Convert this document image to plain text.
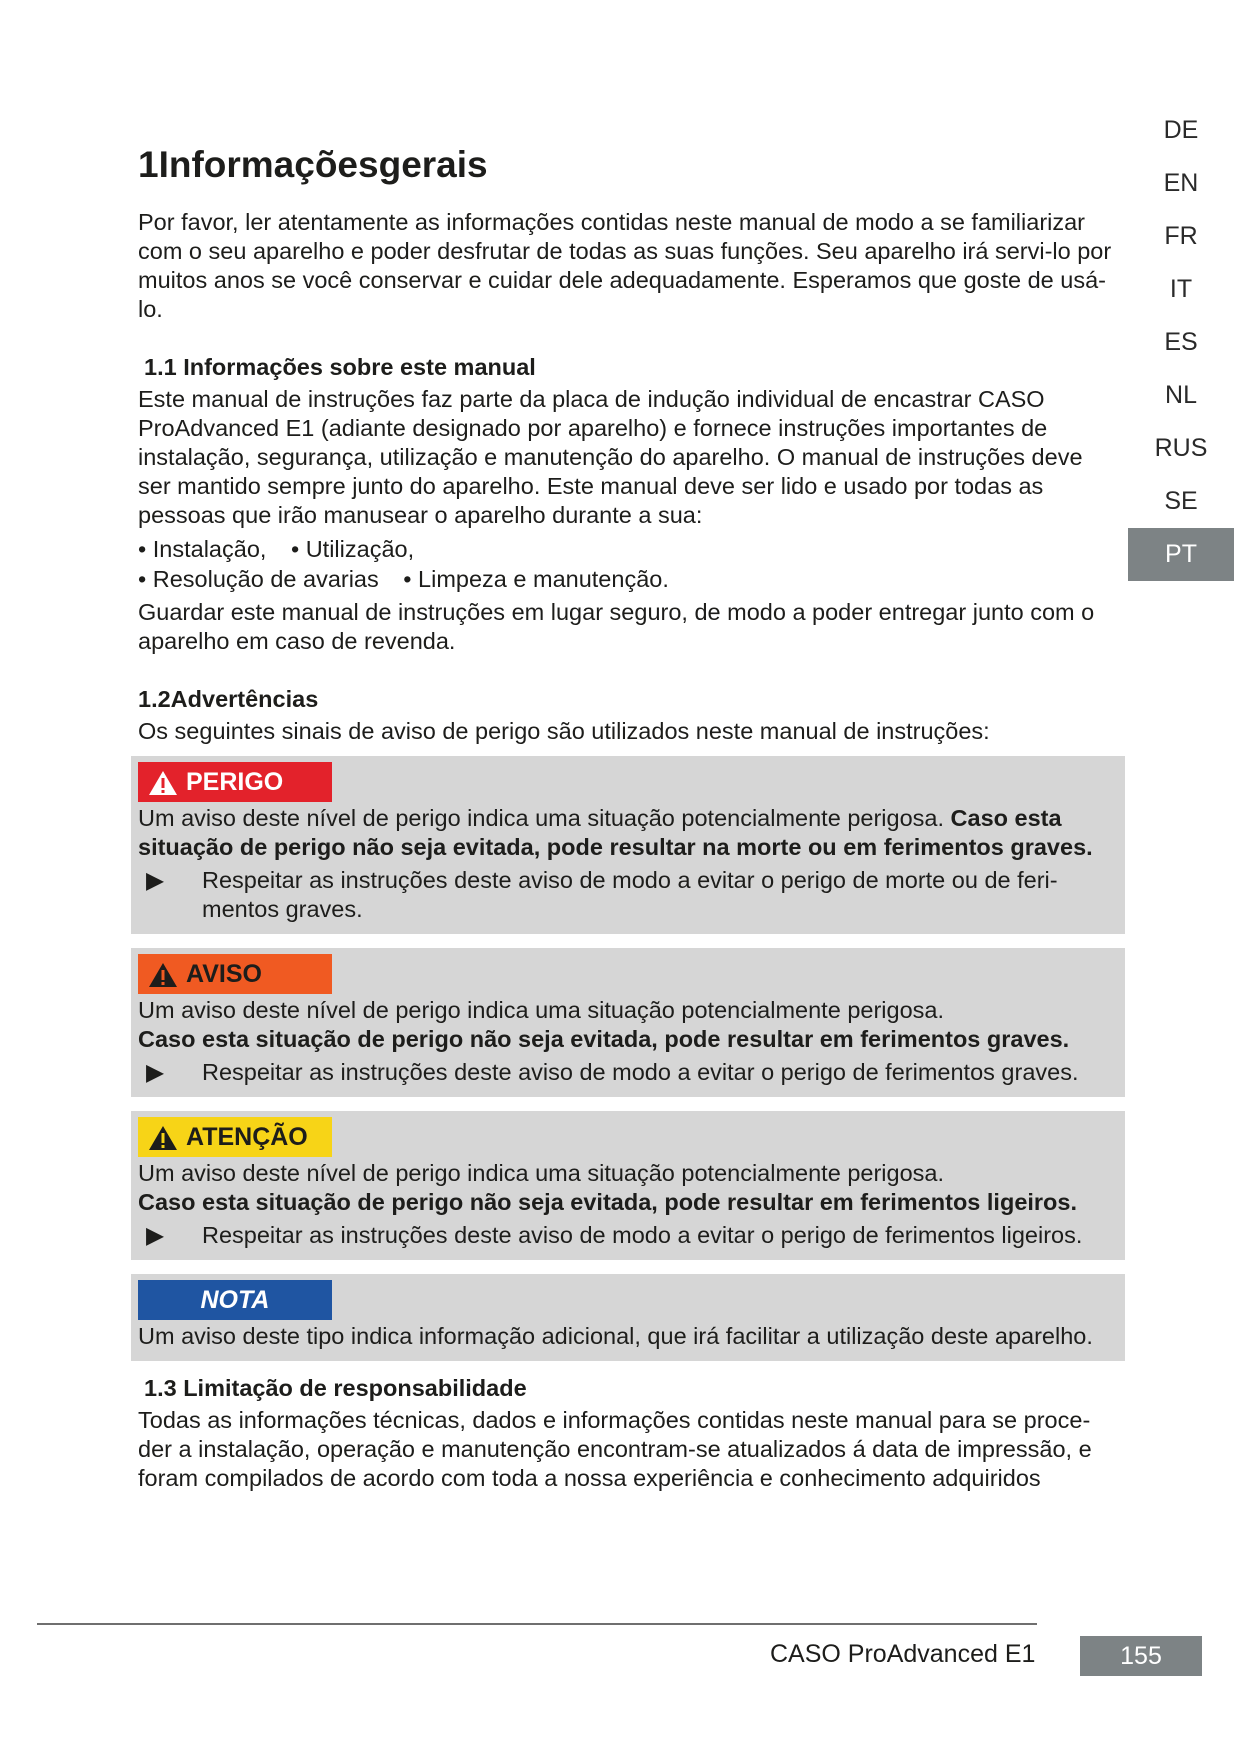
DE
EN
FR
IT
ES
NL
RUS
SE
PT
1Informaçõesgerais

Por favor, ler atentamente as informações contidas neste manual de modo a se familiarizar com o seu aparelho e poder desfrutar de todas as suas funções. Seu aparelho irá servi-lo por muitos anos se você conservar e cuidar dele adequadamente. Esperamos que goste de usá-lo.

1.1 Informações sobre este manual

Este manual de instruções faz parte da placa de indução individual de encastrar CASO ProAdvanced E1 (adiante designado por aparelho) e fornece instruções importantes de instalação, segurança, utilização e manutenção do aparelho. O manual de instruções deve ser mantido sempre junto do aparelho. Este manual deve ser lido e usado por todas as pessoas que irão manusear o aparelho durante a sua:

• Instalação, • Utilização,
• Resolução de avarias • Limpeza e manutenção.

Guardar este manual de instruções em lugar seguro, de modo a poder entregar junto com o aparelho em caso de revenda.

1.2Advertências

Os seguintes sinais de aviso de perigo são utilizados neste manual de instruções:

PERIGO

Um aviso deste nível de perigo indica uma situação potencialmente perigosa. Caso esta situação de perigo não seja evitada, pode resultar na morte ou em ferimentos graves.

▶	Respeitar as instruções deste aviso de modo a evitar o perigo de morte ou de feri- mentos graves.
AVISO

Um aviso deste nível de perigo indica uma situação potencialmente perigosa.

Caso esta situação de perigo não seja evitada, pode resultar em ferimentos graves.

▶	Respeitar as instruções deste aviso de modo a evitar o perigo de ferimentos graves.
ATENÇÃO

Um aviso deste nível de perigo indica uma situação potencialmente perigosa.

Caso esta situação de perigo não seja evitada, pode resultar em ferimentos ligeiros.

▶	Respeitar as instruções deste aviso de modo a evitar o perigo de ferimentos ligeiros.
NOTA

Um aviso deste tipo indica informação adicional, que irá facilitar a utilização deste aparelho.

1.3 Limitação de responsabilidade

Todas as informações técnicas, dados e informações contidas neste manual para se proce- der a instalação, operação e manutenção encontram-se atualizados á data de impressão, e foram compilados de acordo com toda a nossa experiência e conhecimento adquiridos

CASO ProAdvanced E1	155
